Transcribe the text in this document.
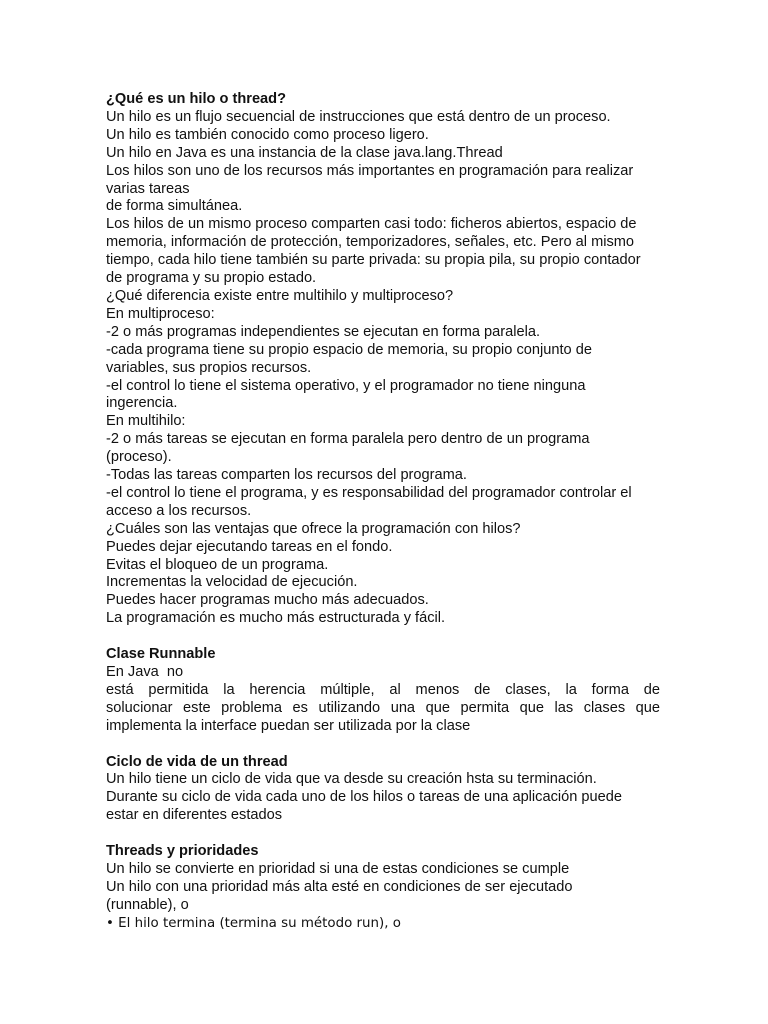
¿Qué es un hilo o thread?
Un hilo es un flujo secuencial de instrucciones que está dentro de un proceso.
Un hilo es también conocido como proceso ligero.
Un hilo en Java es una instancia de la clase java.lang.Thread
Los hilos son uno de los recursos más importantes en programación para realizar
varias tareas
de forma simultánea.
Los hilos de un mismo proceso comparten casi todo: ficheros abiertos, espacio de
memoria, información de protección, temporizadores, señales, etc. Pero al mismo
tiempo, cada hilo tiene también su parte privada: su propia pila, su propio contador
de programa y su propio estado.
¿Qué diferencia existe entre multihilo y multiproceso?
En multiproceso:
-2 o más programas independientes se ejecutan en forma paralela.
-cada programa tiene su propio espacio de memoria, su propio conjunto de
variables, sus propios recursos.
-el control lo tiene el sistema operativo, y el programador no tiene ninguna
ingerencia.
En multihilo:
-2 o más tareas se ejecutan en forma paralela pero dentro de un programa
(proceso).
-Todas las tareas comparten los recursos del programa.
-el control lo tiene el programa, y es responsabilidad del programador controlar el
acceso a los recursos.
¿Cuáles son las ventajas que ofrece la programación con hilos?
Puedes dejar ejecutando tareas en el fondo.
Evitas el bloqueo de un programa.
Incrementas la velocidad de ejecución.
Puedes hacer programas mucho más adecuados.
La programación es mucho más estructurada y fácil.
Clase Runnable
En Java  no
está permitida la herencia múltiple, al menos de clases, la forma de
solucionar este problema es utilizando una que permita que las clases que
implementa la interface puedan ser utilizada por la clase
Ciclo de vida de un thread
Un hilo tiene un ciclo de vida que va desde su creación hsta su terminación.
Durante su ciclo de vida cada uno de los hilos o tareas de una aplicación puede
estar en diferentes estados
Threads y prioridades
Un hilo se convierte en prioridad si una de estas condiciones se cumple
Un hilo con una prioridad más alta esté en condiciones de ser ejecutado
(runnable), o
• El hilo termina (termina su método run), o
